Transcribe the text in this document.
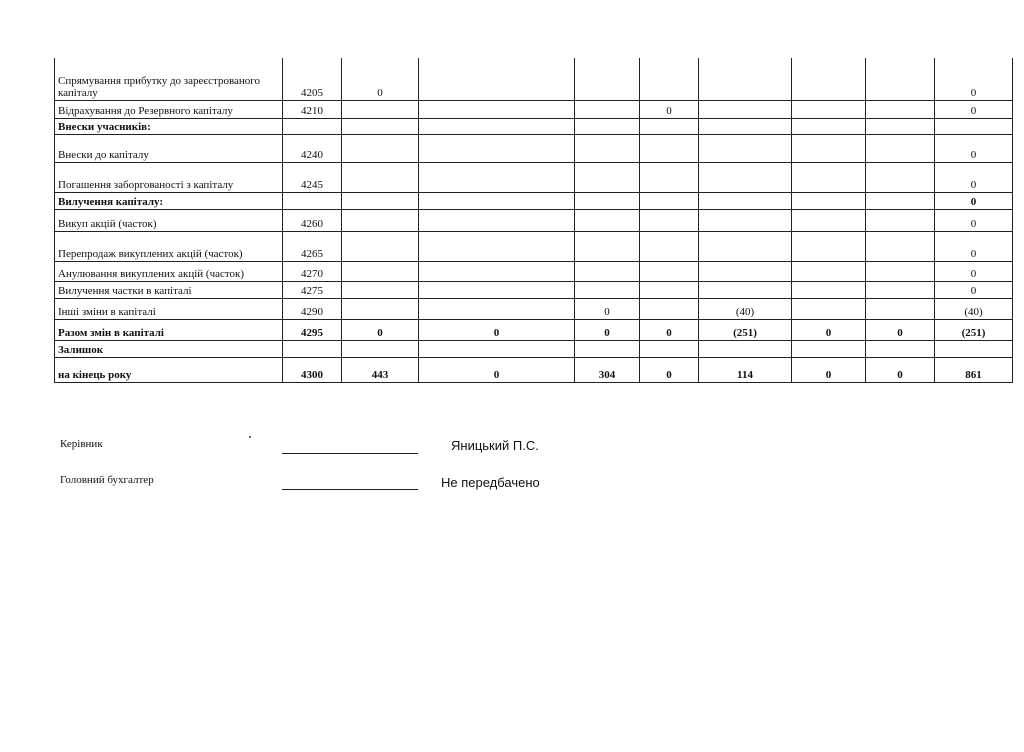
Спрямування прибутку до зареєстрованого капіталу	4205	0							0
Відрахування до Резервного капіталу	4210				0				0
Внески учасників:									
Внески до капіталу	4240								0
Погашення заборгованості з капіталу	4245								0
Вилучення капіталу:									0
Викуп акцій (часток)	4260								0
Перепродаж викуплених акцій (часток)	4265								0
Анулювання викуплених акцій (часток)	4270								0
Вилучення частки в капіталі	4275								0
Інші зміни в капіталі	4290			0		(40)			(40)
Разом змін в капіталі	4295	0	0	0	0	(251)	0	0	(251)
Залишок									
на кінець року	4300	443	0	304	0	114	0	0	861
Керівник	Яницький П.С.
Головний бухгалтер	Не передбачено
